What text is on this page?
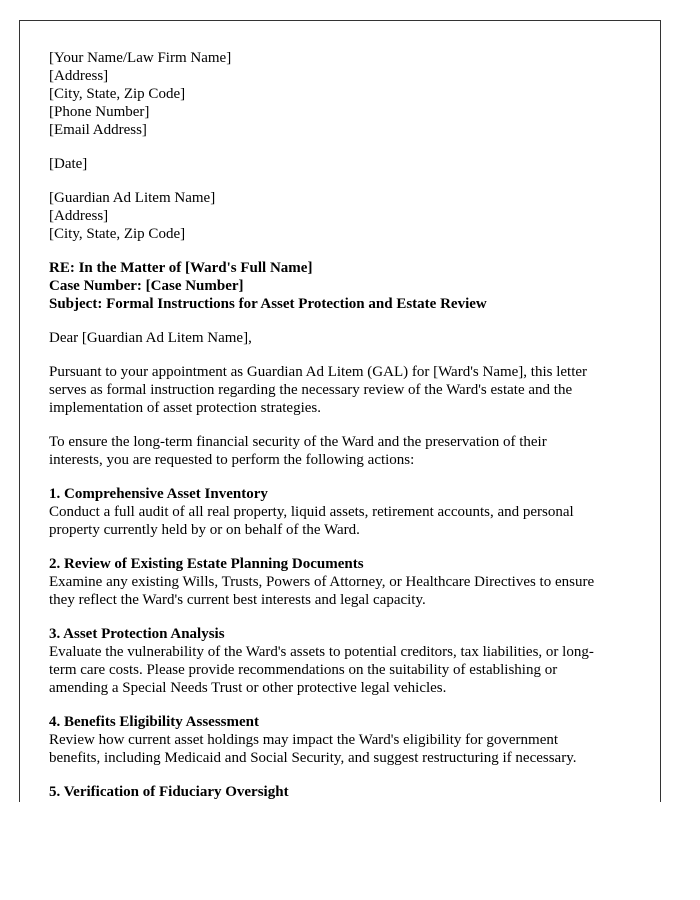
[Your Name/Law Firm Name]
[Address]
[City, State, Zip Code]
[Phone Number]
[Email Address]
[Date]
[Guardian Ad Litem Name]
[Address]
[City, State, Zip Code]
RE: In the Matter of [Ward's Full Name]
Case Number: [Case Number]
Subject: Formal Instructions for Asset Protection and Estate Review
Dear [Guardian Ad Litem Name],

Pursuant to your appointment as Guardian Ad Litem (GAL) for [Ward's Name], this letter
serves as formal instruction regarding the necessary review of the Ward's estate and the
implementation of asset protection strategies.

To ensure the long-term financial security of the Ward and the preservation of their
interests, you are requested to perform the following actions:

1. Comprehensive Asset Inventory
Conduct a full audit of all real property, liquid assets, retirement accounts, and personal
property currently held by or on behalf of the Ward.
2. Review of Existing Estate Planning Documents
Examine any existing Wills, Trusts, Powers of Attorney, or Healthcare Directives to ensure
they reflect the Ward's current best interests and legal capacity.
3. Asset Protection Analysis
Evaluate the vulnerability of the Ward's assets to potential creditors, tax liabilities, or long-
term care costs. Please provide recommendations on the suitability of establishing or
amending a Special Needs Trust or other protective legal vehicles.
4. Benefits Eligibility Assessment
Review how current asset holdings may impact the Ward's eligibility for government
benefits, including Medicaid and Social Security, and suggest restructuring if necessary.
5. Verification of Fiduciary Oversight
